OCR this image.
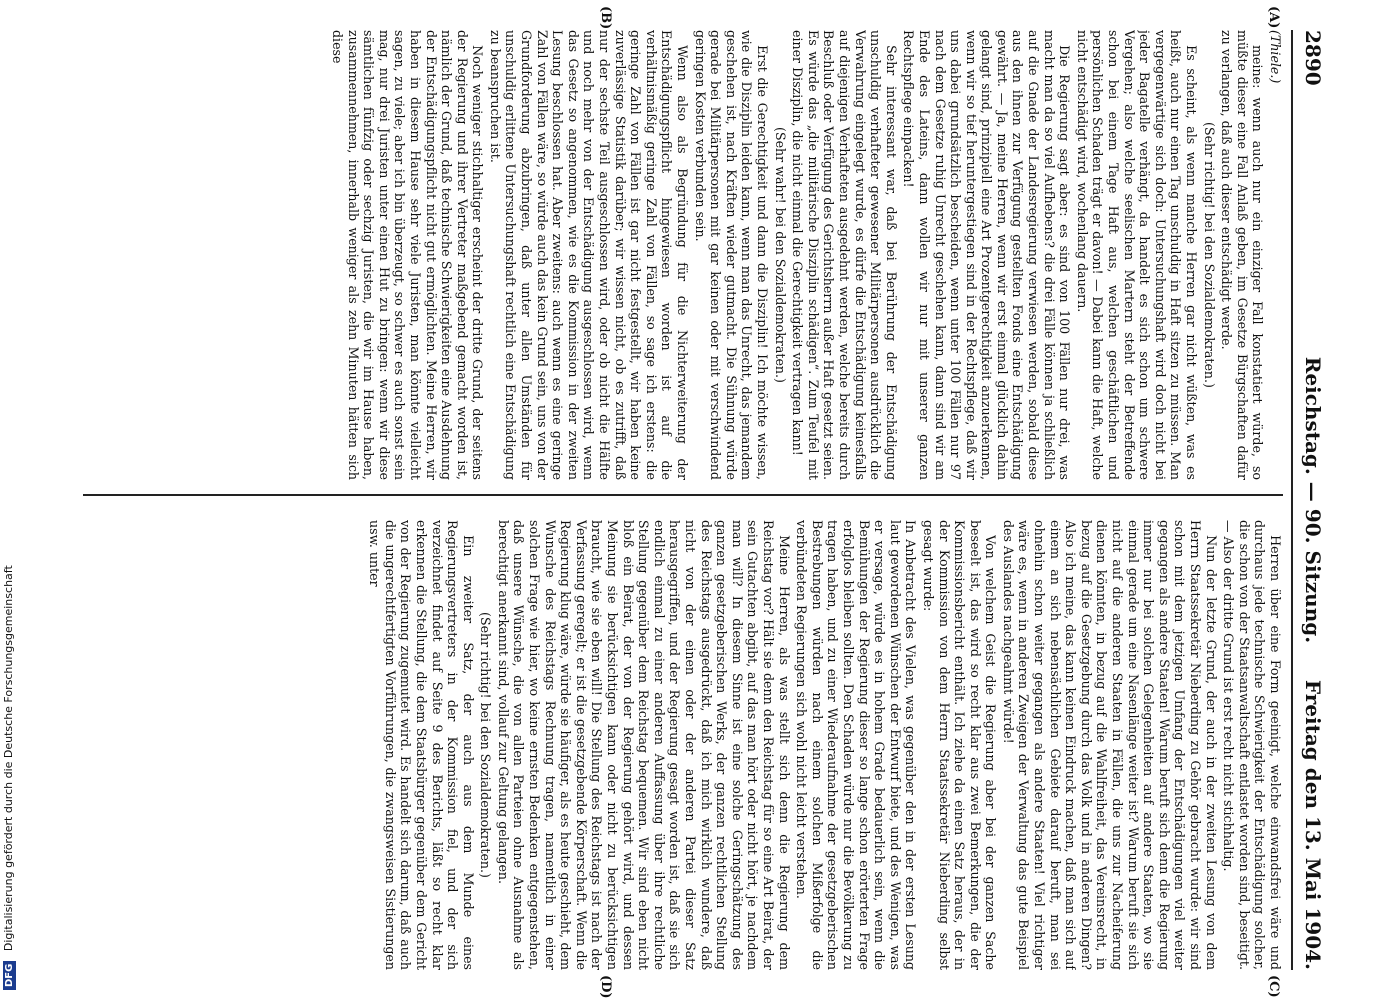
2890
Reichstag. — 90. Sitzung.
Freitag den 13. Mai 1904.
(A)
(B)
(C)
(D)

(Thiele.)

meine: wenn auch nur ein einziger Fall konstatiert würde, so müßte dieser eine Fall Anlaß geben, im Gesetze Bürgschaften dafür zu verlangen, daß auch dieser entschädigt werde.

(Sehr richtig! bei den Sozialdemokraten.)

Es scheint, als wenn manche Herren gar nicht wüßten, was es heißt, auch nur einen Tag unschuldig in Haft sitzen zu müssen. Man vergegenwärtige sich doch: Untersuchungshaft wird doch nicht bei jeder Bagatelle verhängt, da handelt es sich schon um schwere Vergehen; also welche seelischen Martern steht der Betreffende schon bei einem Tage Haft aus, welchen geschäftlichen und persönlichen Schaden trägt er davon! — Dabei kann die Haft, welche nicht entschädigt wird, wochenlang dauern.

Die Regierung sagt aber: es sind von 100 Fällen nur drei, was macht man da so viel Aufhebens? die drei Fälle können ja schließlich auf die Gnade der Landesregierung verwiesen werden, sobald diese aus den ihnen zur Verfügung gestellten Fonds eine Entschädigung gewährt. — Ja, meine Herren, wenn wir erst einmal glücklich dahin gelangt sind, prinzipiell eine Art Prozentgerechtigkeit anzuerkennen, wenn wir so tief heruntergestiegen sind in der Rechtspflege, daß wir uns dabei grundsätzlich bescheiden, wenn unter 100 Fällen nur 97 nach dem Gesetze ruhig Unrecht geschehen kann, dann sind wir am Ende des Lateins, dann wollen wir nur mit unserer ganzen Rechtspflege einpacken!

Sehr interessant war, daß bei Berührung der Entschädigung unschuldig verhafteter gewesener Militärpersonen ausdrücklich die Verwahrung eingelegt wurde, es dürfe die Entschädigung keinesfalls auf diejenigen Verhafteten ausgedehnt werden, welche bereits durch Beschluß oder Verfügung des Gerichtsherrn außer Haft gesetzt seien. Es würde das „die militärische Disziplin schädigen“. Zum Teufel mit einer Disziplin, die nicht einmal die Gerechtigkeit vertragen kann!

(Sehr wahr! bei den Sozialdemokraten.)

Erst die Gerechtigkeit und dann die Disziplin! Ich möchte wissen, wie die Disziplin leiden kann, wenn man das Unrecht, das jemandem geschehen ist, nach Kräften wieder gutmacht. Die Sühnung würde gerade bei Militärpersonen mit gar keinen oder mit verschwindend geringen Kosten verbunden sein.

Wenn also als Begründung für die Nichterweiterung der Entschädigungspflicht hingewiesen worden ist auf die verhältnismäßig geringe Zahl von Fällen, so sage ich erstens: die geringe Zahl von Fällen ist gar nicht festgestellt, wir haben keine zuverlässige Statistik darüber; wir wissen nicht, ob es zutrifft, daß nur der sechste Teil ausgeschlossen wird, oder ob nicht die Hälfte und noch mehr von der Entschädigung ausgeschlossen wird, wenn das Gesetz so angenommen, wie es die Kommission in der zweiten Lesung beschlossen hat. Aber zweitens: auch wenn es eine geringe Zahl von Fällen wäre, so würde auch das kein Grund sein, uns von der Grundforderung abzubringen, daß unter allen Umständen für unschuldig erlittene Untersuchungshaft rechtlich eine Entschädigung zu beanspruchen ist.

Noch weniger stichhaltiger erscheint der dritte Grund, der seitens der Regierung und ihrer Vertreter maßgebend gemacht worden ist, nämlich der Grund, daß technische Schwierigkeiten eine Ausdehnung der Entschädigungspflicht nicht gut ermöglichten. Meine Herren, wir haben in diesem Hause sehr viele Juristen, man könnte vielleicht sagen, zu viele; aber ich bin überzeugt, so schwer es auch sonst sein mag, nur drei Juristen unter einen Hut zu bringen: wenn wir diese sämtlichen fünfzig oder sechzig Juristen, die wir im Hause haben, zusammennehmen, innerhalb weniger als zehn Minuten hätten sich diese

Herren über eine Form geeinigt, welche einwandsfrei wäre und durchaus jede technische Schwierigkeit der Entschädigung solcher, die schon von der Staatsanwaltschaft entlastet worden sind, beseitigt. — Also der dritte Grund ist erst recht nicht stichhaltig.

Nun der letzte Grund, der auch in der zweiten Lesung von dem Herrn Staatssekretär Nieberding zu Gehör gebracht wurde: wir sind schon mit dem jetzigen Umfang der Entschädigungen viel weiter gegangen als andere Staaten! Warum beruft sich denn die Regierung immer nur bei solchen Gelegenheiten auf andere Staaten, wo sie einmal gerade um eine Nasenlänge weiter ist? Warum beruft sie sich nicht auf die anderen Staaten in Fällen, die uns zur Nacheiferung dienen könnten, in bezug auf die Wahlfreiheit, das Vereinsrecht, in bezug auf die Gesetzgebung durch das Volk und in anderen Dingen? Also ich meine, das kann keinen Eindruck machen, daß man sich auf einem an sich nebensächlichen Gebiete darauf beruft, man sei ohnehin schon weiter gegangen als andere Staaten! Viel richtiger wäre es, wenn in anderen Zweigen der Verwaltung das gute Beispiel des Auslandes nachgeahmt würde!

Von welchem Geist die Regierung aber bei der ganzen Sache beseelt ist, das wird so recht klar aus zwei Bemerkungen, die der Kommissionsbericht enthält. Ich ziehe da einen Satz heraus, der in der Kommission von dem Herrn Staatssekretär Nieberding selbst gesagt wurde:

In Anbetracht des Vielen, was gegenüber den in der ersten Lesung laut gewordenen Wünschen der Entwurf biete, und des Wenigen, was er versage, würde es in hohem Grade bedauerlich sein, wenn die Bemühungen der Regierung dieser so lange schon erörterten Frage erfolglos bleiben sollten. Den Schaden würde nur die Bevölkerung zu tragen haben, und zu einer Wiederaufnahme der gesetzgeberischen Bestrebungen würden nach einem solchen Mißerfolge die verbündeten Regierungen sich wohl nicht leicht verstehen.

Meine Herren, als was stellt sich denn die Regierung dem Reichstag vor? Hält sie denn den Reichstag für so eine Art Beirat, der sein Gutachten abgibt, auf das man hört oder nicht hört, je nachdem man will? In diesem Sinne ist eine solche Geringschätzung des ganzen gesetzgeberischen Werks, der ganzen rechtlichen Stellung des Reichstags ausgedrückt, daß ich mich wirklich wundere, daß nicht von der einen oder der anderen Partei dieser Satz herausgegriffen, und der Regierung gesagt worden ist, daß sie sich endlich einmal zu einer anderen Auffassung über ihre rechtliche Stellung gegenüber dem Reichstag bequemen. Wir sind eben nicht bloß ein Beirat, der von der Regierung gehört wird, und dessen Meinung sie berücksichtigen kann oder nicht zu berücksichtigen braucht, wie sie eben will! Die Stellung des Reichstags ist nach der Verfassung geregelt; er ist die gesetzgebende Körperschaft. Wenn die Regierung klug wäre, würde sie häufiger, als es heute geschieht, dem Wunsche des Reichstags Rechnung tragen, namentlich in einer solchen Frage wie hier, wo keine ernsten Bedenken entgegenstehen, daß unsere Wünsche, die von allen Parteien ohne Ausnahme als berechtigt anerkannt sind, vollauf zur Geltung gelangen.

(Sehr richtig! bei den Sozialdemokraten.)

Ein zweiter Satz, der auch aus dem Munde eines Regierungsvertreters in der Kommission fiel, und der sich verzeichnet findet auf Seite 9 des Berichts, läßt so recht klar erkennen die Stellung, die dem Staatsbürger gegenüber dem Gericht von der Regierung zugemutet wird. Es handelt sich darum, daß auch die ungerechtfertigten Vorführungen, die zwangsweisen Sistierungen usw. unter

DFG Digitalisierung gefördert durch die Deutsche Forschungsgemeinschaft
